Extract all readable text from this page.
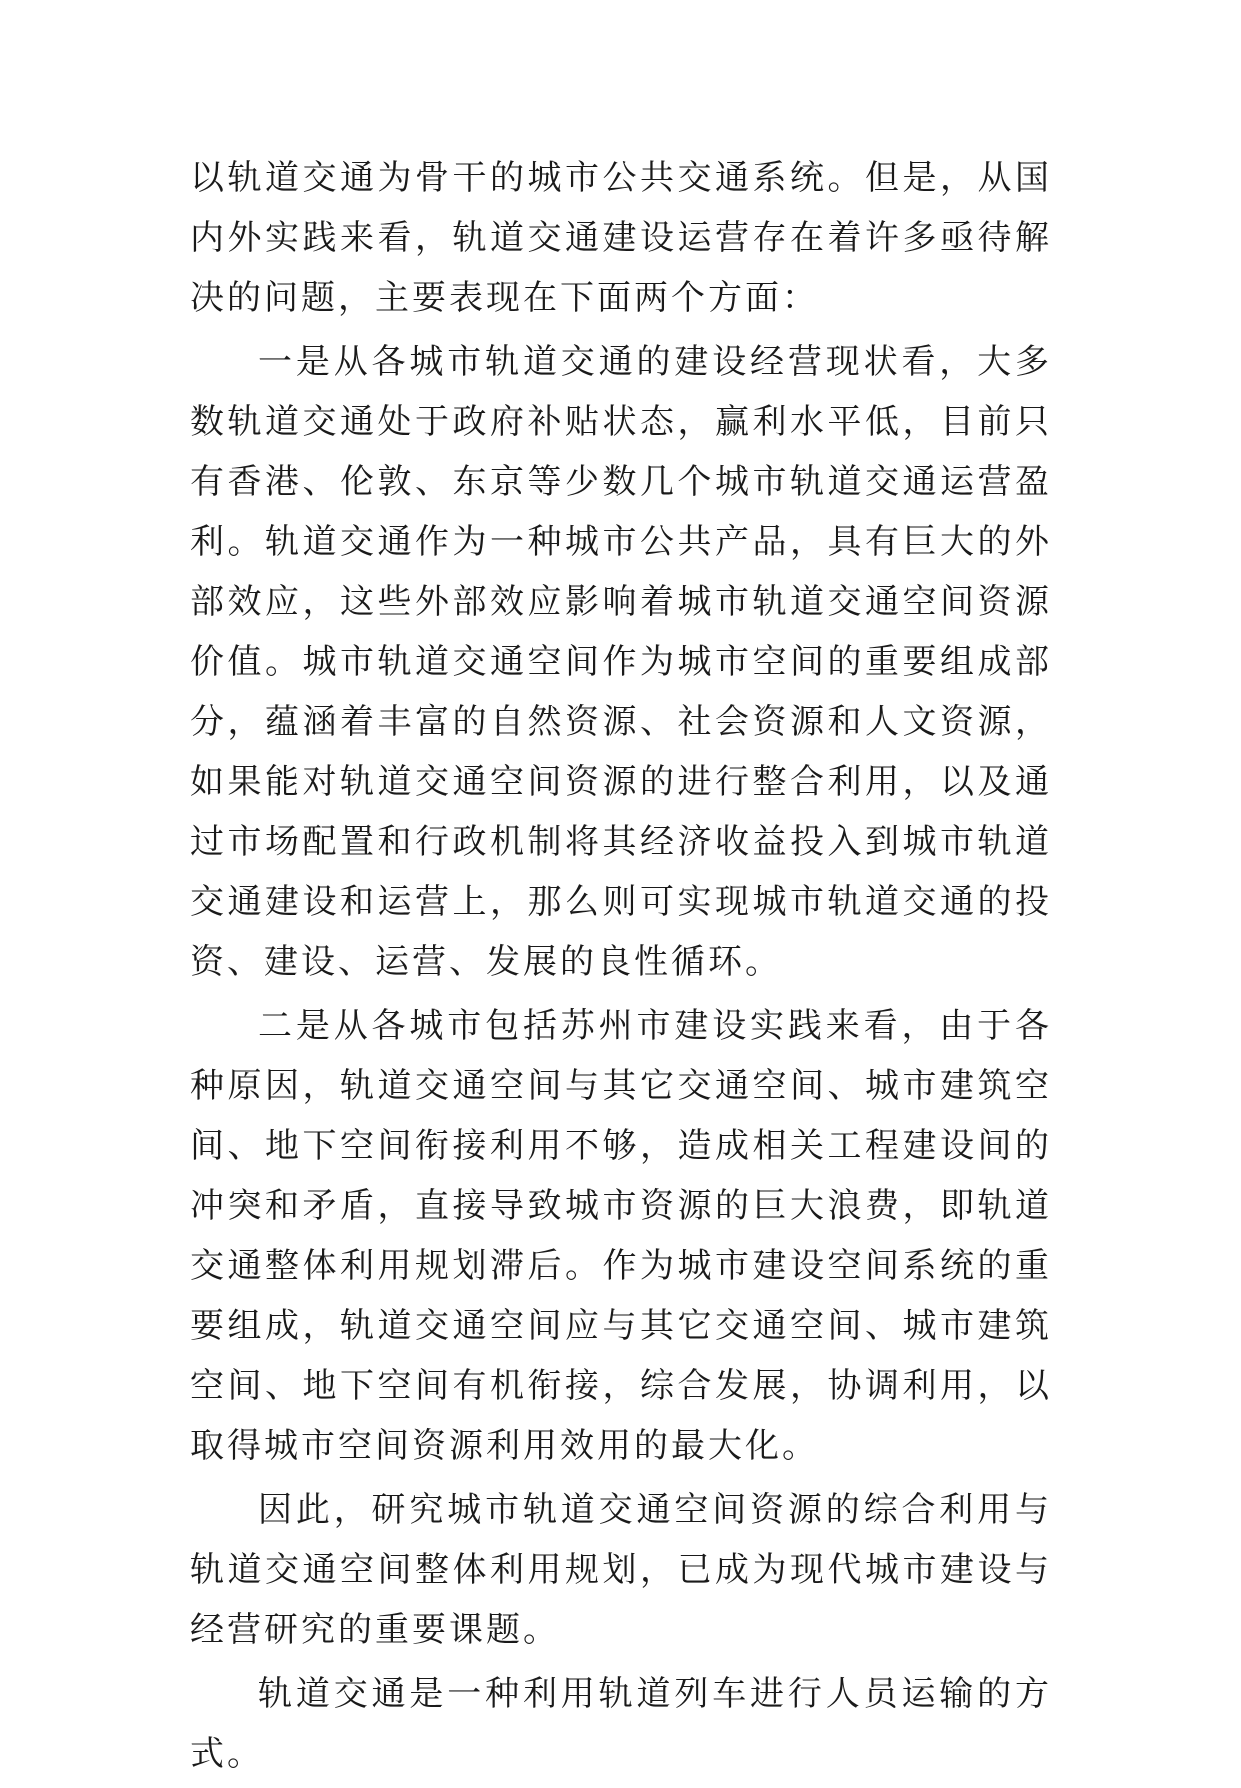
以轨道交通为骨干的城市公共交通系统。但是，从国内外实践来看，轨道交通建设运营存在着许多亟待解决的问题，主要表现在下面两个方面：

一是从各城市轨道交通的建设经营现状看，大多数轨道交通处于政府补贴状态，赢利水平低，目前只有香港、伦敦、东京等少数几个城市轨道交通运营盈利。轨道交通作为一种城市公共产品，具有巨大的外部效应，这些外部效应影响着城市轨道交通空间资源价值。城市轨道交通空间作为城市空间的重要组成部分，蕴涵着丰富的自然资源、社会资源和人文资源，如果能对轨道交通空间资源的进行整合利用，以及通过市场配置和行政机制将其经济收益投入到城市轨道交通建设和运营上，那么则可实现城市轨道交通的投资、建设、运营、发展的良性循环。

二是从各城市包括苏州市建设实践来看，由于各种原因，轨道交通空间与其它交通空间、城市建筑空间、地下空间衔接利用不够，造成相关工程建设间的冲突和矛盾，直接导致城市资源的巨大浪费，即轨道交通整体利用规划滞后。作为城市建设空间系统的重要组成，轨道交通空间应与其它交通空间、城市建筑空间、地下空间有机衔接，综合发展，协调利用，以取得城市空间资源利用效用的最大化。

因此，研究城市轨道交通空间资源的综合利用与轨道交通空间整体利用规划，已成为现代城市建设与经营研究的重要课题。

轨道交通是一种利用轨道列车进行人员运输的方式。
